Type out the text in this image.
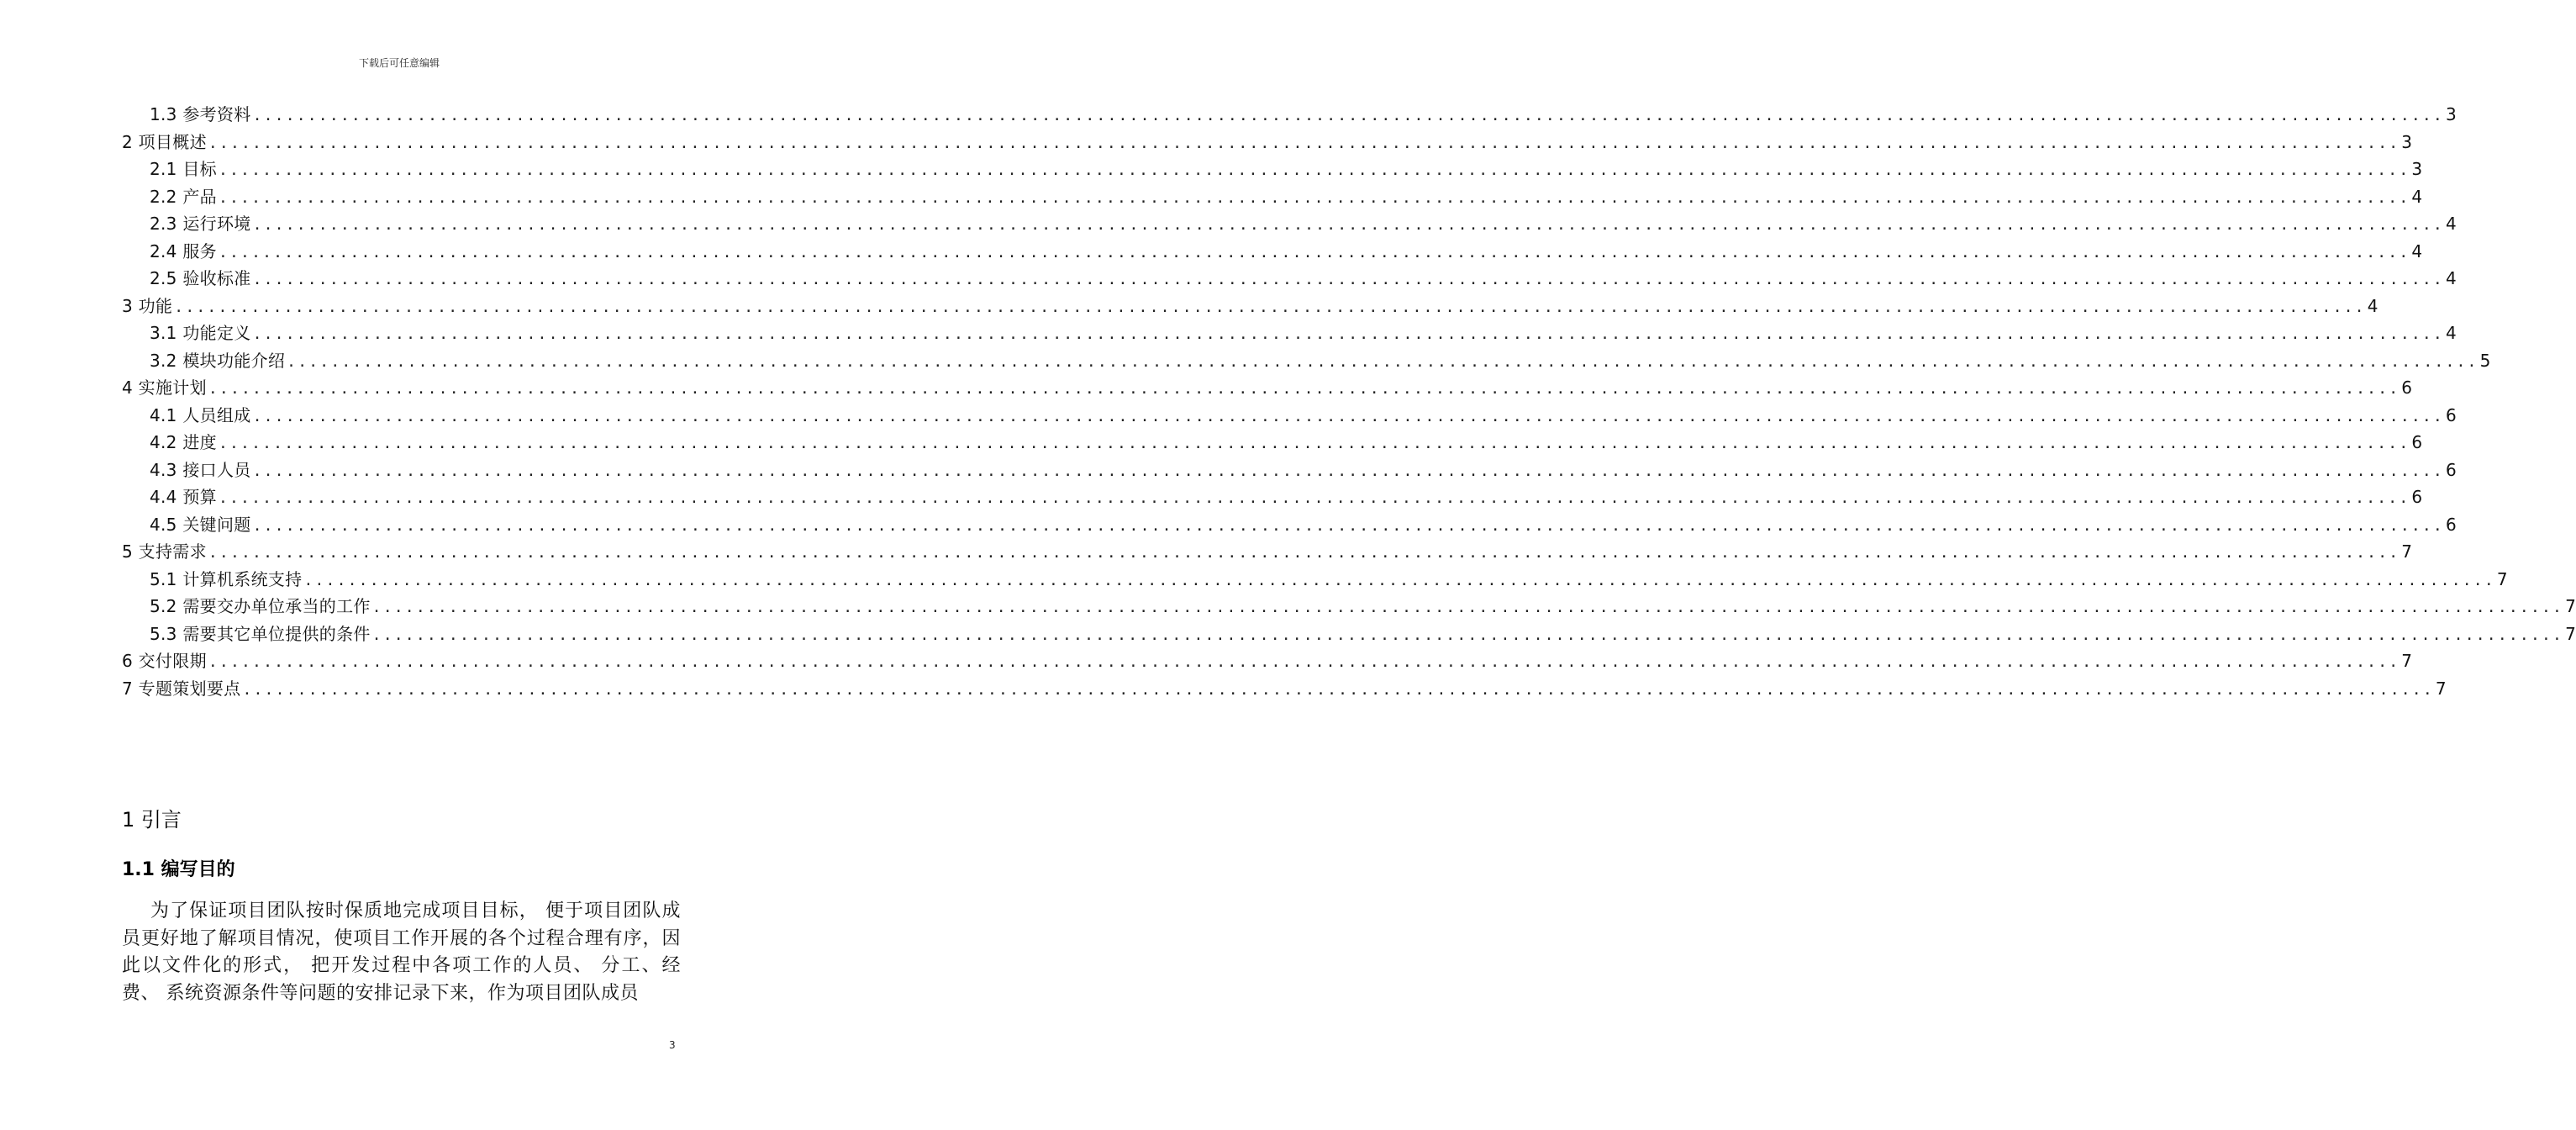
下载后可任意编辑
1.3 参考资料 ........................................................................................................................................................................................................ 3
2 项目概述 ........................................................................................................................................................................................................ 3
2.1 目标 ........................................................................................................................................................................................................ 3
2.2 产品 ........................................................................................................................................................................................................ 4
2.3 运行环境 ........................................................................................................................................................................................................ 4
2.4 服务 ........................................................................................................................................................................................................ 4
2.5 验收标准 ........................................................................................................................................................................................................ 4
3 功能 ........................................................................................................................................................................................................ 4
3.1 功能定义 ........................................................................................................................................................................................................ 4
3.2 模块功能介绍 ........................................................................................................................................................................................................ 5
4 实施计划 ........................................................................................................................................................................................................ 6
4.1 人员组成 ........................................................................................................................................................................................................ 6
4.2 进度 ........................................................................................................................................................................................................ 6
4.3 接口人员 ........................................................................................................................................................................................................ 6
4.4 预算 ........................................................................................................................................................................................................ 6
4.5 关键问题 ........................................................................................................................................................................................................ 6
5 支持需求 ........................................................................................................................................................................................................ 7
5.1 计算机系统支持 ........................................................................................................................................................................................................ 7
5.2 需要交办单位承当的工作 ........................................................................................................................................................................................................ 7
5.3 需要其它单位提供的条件 ........................................................................................................................................................................................................ 7
6 交付限期 ........................................................................................................................................................................................................ 7
7 专题策划要点 ........................................................................................................................................................................................................ 7
1 引言
1.1 编写目的
为了保证项目团队按时保质地完成项目目标， 便于项目团队成员更好地了解项目情况，使项目工作开展的各个过程合理有序，因此以文件化的形式， 把开发过程中各项工作的人员、 分工、经费、 系统资源条件等问题的安排记录下来，作为项目团队成员
3
